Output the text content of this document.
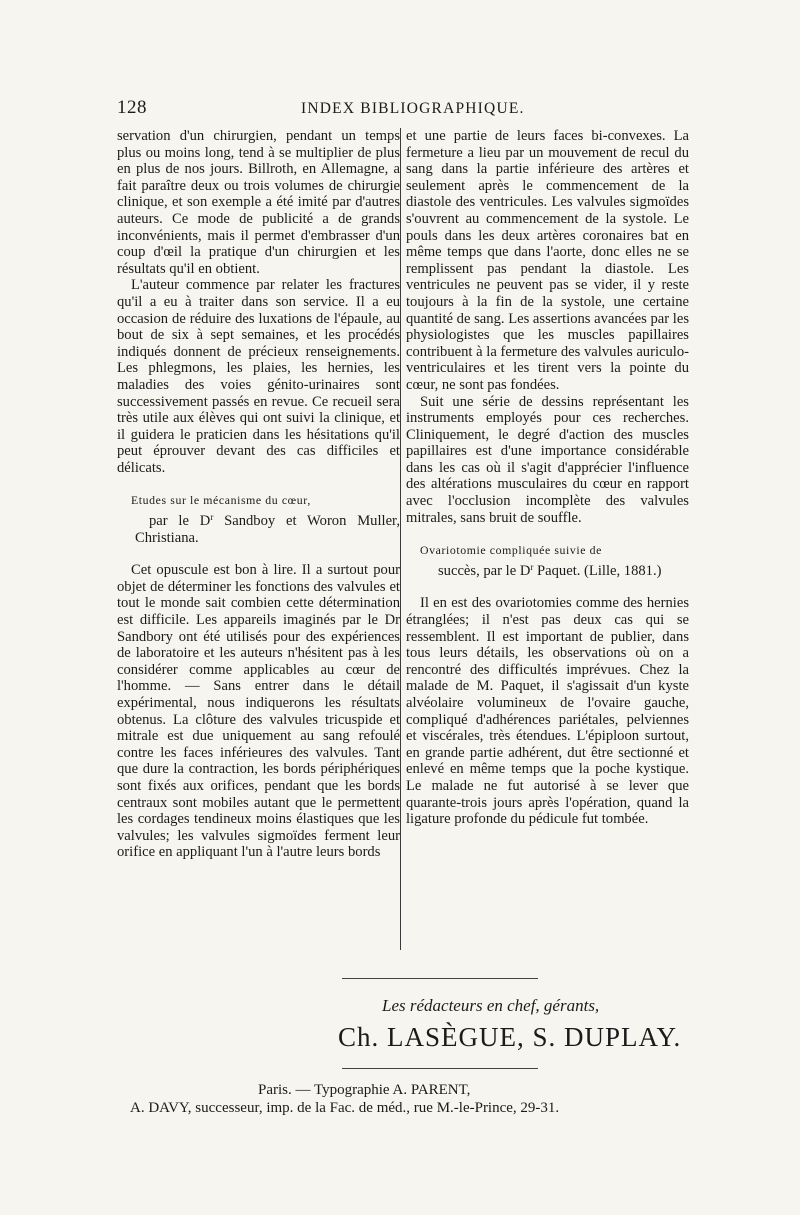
128	INDEX BIBLIOGRAPHIQUE.

servation d'un chirurgien, pendant un temps plus ou moins long, tend à se multiplier de plus en plus de nos jours. Billroth, en Allemagne, a fait paraître deux ou trois volumes de chirurgie clinique, et son exemple a été imité par d'autres auteurs. Ce mode de publicité a de grands inconvénients, mais il permet d'embrasser d'un coup d'œil la pratique d'un chirurgien et les résultats qu'il en obtient.

L'auteur commence par relater les fractures qu'il a eu à traiter dans son service. Il a eu occasion de réduire des luxations de l'épaule, au bout de six à sept semaines, et les procédés indiqués donnent de précieux renseignements. Les phlegmons, les plaies, les hernies, les maladies des voies génito-urinaires sont successivement passés en revue. Ce recueil sera très utile aux élèves qui ont suivi la clinique, et il guidera le praticien dans les hésitations qu'il peut éprouver devant des cas difficiles et délicats.

Etudes sur le mécanisme du cœur,
par le $D^r$ Sandboy et Woron Muller, Christiana.

Cet opuscule est bon à lire. Il a surtout pour objet de déterminer les fonctions des valvules et tout le monde sait combien cette détermination est difficile. Les appareils imaginés par le Dr Sandbory ont été utilisés pour des expériences de laboratoire et les auteurs n'hésitent pas à les considérer comme applicables au cœur de l'homme. — Sans entrer dans le détail expérimental, nous indiquerons les résultats obtenus. La clôture des valvules tricuspide et mitrale est due uniquement au sang refoulé contre les faces inférieures des valvules. Tant que dure la contraction, les bords périphériques sont fixés aux orifices, pendant que les bords centraux sont mobiles autant que le permettent les cordages tendineux moins élastiques que les valvules; les valvules sigmoïdes ferment leur orifice en appliquant l'un à l'autre leurs bords

et une partie de leurs faces bi-convexes. La fermeture a lieu par un mouvement de recul du sang dans la partie inférieure des artères et seulement après le commencement de la diastole des ventricules. Les valvules sigmoïdes s'ouvrent au commencement de la systole. Le pouls dans les deux artères coronaires bat en même temps que dans l'aorte, donc elles ne se remplissent pas pendant la diastole. Les ventricules ne peuvent pas se vider, il y reste toujours à la fin de la systole, une certaine quantité de sang. Les assertions avancées par les physiologistes que les muscles papillaires contribuent à la fermeture des valvules auriculo-ventriculaires et les tirent vers la pointe du cœur, ne sont pas fondées.

Suit une série de dessins représentant les instruments employés pour ces recherches. Cliniquement, le degré d'action des muscles papillaires est d'une importance considérable dans les cas où il s'agit d'apprécier l'influence des altérations musculaires du cœur en rapport avec l'occlusion incomplète des valvules mitrales, sans bruit de souffle.

Ovariotomie compliquée suivie de
succès, par le $D^r$ Paquet. (Lille, 1881.)

Il en est des ovariotomies comme des hernies étranglées; il n'est pas deux cas qui se ressemblent. Il est important de publier, dans tous leurs détails, les observations où on a rencontré des difficultés imprévues. Chez la malade de M. Paquet, il s'agissait d'un kyste alvéolaire volumineux de l'ovaire gauche, compliqué d'adhérences pariétales, pelviennes et viscérales, très étendues. L'épiploon surtout, en grande partie adhérent, dut être sectionné et enlevé en même temps que la poche kystique. Le malade ne fut autorisé à se lever que quarante-trois jours après l'opération, quand la ligature profonde du pédicule fut tombée.

Les rédacteurs en chef, gérants,
Ch. LASÈGUE, S. DUPLAY.
Paris. — Typographie A. PARENT,
A. DAVY, successeur, imp. de la Fac. de méd., rue M.-le-Prince, 29-31.
